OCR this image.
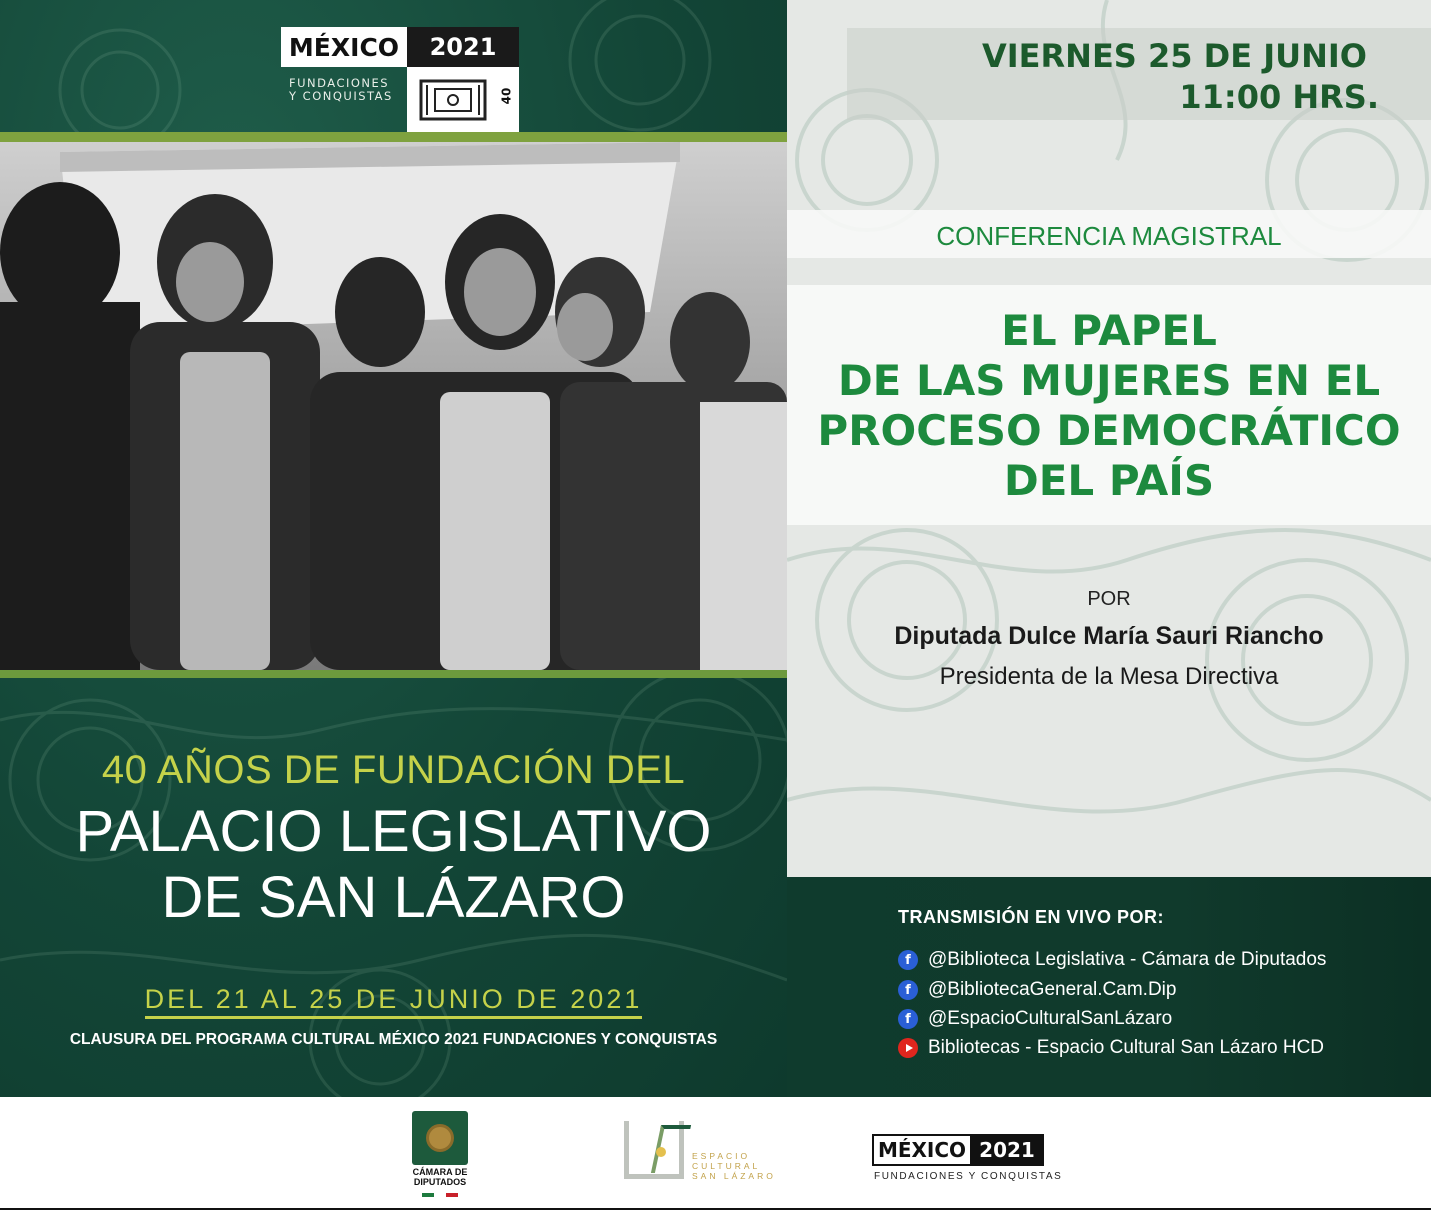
MÉXICO	2021
FUNDACIONES
Y CONQUISTAS	40
40 AÑOS DE FUNDACIÓN DEL
PALACIO LEGISLATIVO
DE SAN LÁZARO
DEL 21 AL 25 DE JUNIO DE 2021
CLAUSURA DEL PROGRAMA CULTURAL MÉXICO 2021 FUNDACIONES Y CONQUISTAS
VIERNES 25 DE JUNIO
11:00 HRS.
CONFERENCIA MAGISTRAL
EL PAPEL
DE LAS MUJERES EN EL
PROCESO DEMOCRÁTICO
DEL PAÍS
POR
Diputada Dulce María Sauri Riancho
Presidenta de la Mesa Directiva
TRANSMISIÓN EN VIVO POR:
f @Biblioteca Legislativa - Cámara de Diputados
f @BibliotecaGeneral.Cam.Dip
f @EspacioCulturalSanLázaro
Bibliotecas - Espacio Cultural San Lázaro HCD
CÁMARA DE
DIPUTADOS
ESPACIO
CULTURAL
SAN LÁZARO
MÉXICO 2021
FUNDACIONES Y CONQUISTAS
